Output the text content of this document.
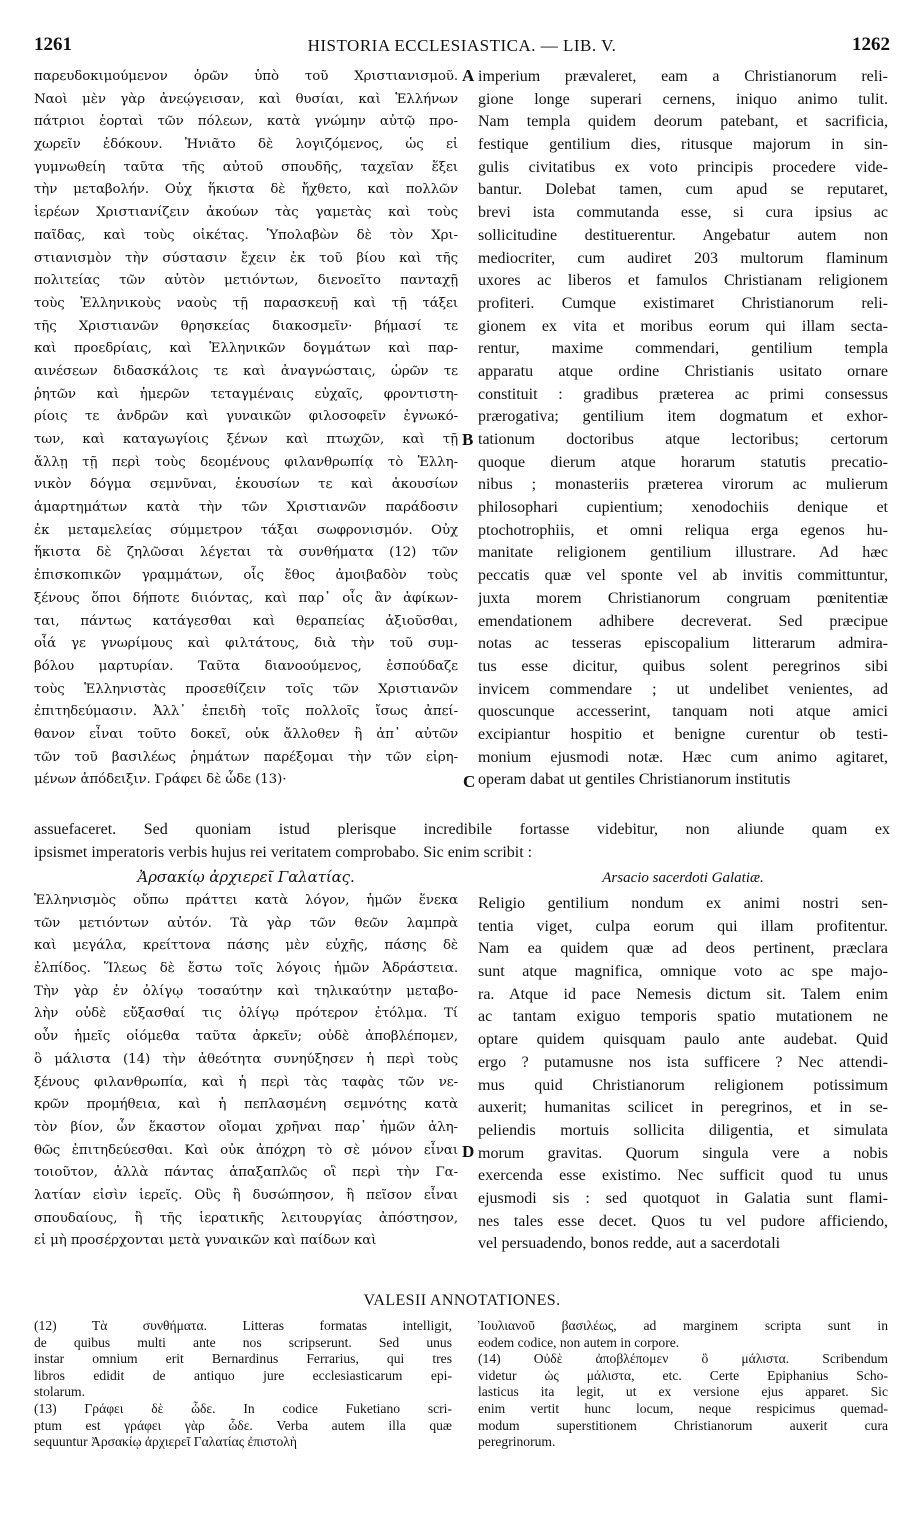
1261	HISTORIA ECCLESIASTICA. — LIB. V.	1262
παρευδοκιμούμενον ὁρῶν ὑπὸ τοῦ Χριστιανισμοῦ.
Ναοὶ μὲν γὰρ ἀνεῴγεισαν, καὶ θυσίαι, καὶ Ἑλλήνων
πάτριοι ἑορταὶ τῶν πόλεων, κατὰ γνώμην αὐτῷ προ-
χωρεῖν ἐδόκουν. Ἠνιᾶτο δὲ λογιζόμενος, ὡς εἰ
γυμνωθείη ταῦτα τῆς αὐτοῦ σπουδῆς, ταχεῖαν ἕξει
τὴν μεταβολήν. Οὐχ ἥκιστα δὲ ἤχθετο, καὶ πολλῶν
ἱερέων Χριστιανίζειν ἀκούων τὰς γαμετὰς καὶ τοὺς
παῖδας, καὶ τοὺς οἰκέτας. Ὑπολαβὼν δὲ τὸν Χρι-
στιανισμὸν τὴν σύστασιν ἔχειν ἐκ τοῦ βίου καὶ τῆς
πολιτείας τῶν αὐτὸν μετιόντων, διενοεῖτο πανταχῇ
τοὺς Ἑλληνικοὺς ναοὺς τῇ παρασκευῇ καὶ τῇ τάξει
τῆς Χριστιανῶν θρησκείας διακοσμεῖν· βήμασί τε
καὶ προεδρίαις, καὶ Ἑλληνικῶν δογμάτων καὶ παρ-
αινέσεων διδασκάλοις τε καὶ ἀναγνώσταις, ὡρῶν τε
ῥητῶν καὶ ἡμερῶν τεταγμέναις εὐχαῖς, φροντιστη-
ρίοις τε ἀνδρῶν καὶ γυναικῶν φιλοσοφεῖν ἐγνωκό-
των, καὶ καταγωγίοις ξένων καὶ πτωχῶν, καὶ τῇ
ἄλλῃ τῇ περὶ τοὺς δεομένους φιλανθρωπίᾳ τὸ Ἑλλη-
νικὸν δόγμα σεμνῦναι, ἑκουσίων τε καὶ ἀκουσίων
ἁμαρτημάτων κατὰ τὴν τῶν Χριστιανῶν παράδοσιν
ἐκ μεταμελείας σύμμετρον τάξαι σωφρονισμόν. Οὐχ
ἥκιστα δὲ ζηλῶσαι λέγεται τὰ συνθήματα (12) τῶν
ἐπισκοπικῶν γραμμάτων, οἷς ἔθος ἀμοιβαδὸν τοὺς
ξένους ὅποι δήποτε διιόντας, καὶ παρ᾽ οἷς ἂν ἀφίκων-
ται, πάντως κατάγεσθαι καὶ θεραπείας ἀξιοῦσθαι,
οἷά γε γνωρίμους καὶ φιλτάτους, διὰ τὴν τοῦ συμ-
βόλου μαρτυρίαν. Ταῦτα διανοούμενος, ἐσπούδαζε
τοὺς Ἑλληνιστὰς προσεθίζειν τοῖς τῶν Χριστιανῶν
ἐπιτηδεύμασιν. Ἀλλ᾽ ἐπειδὴ τοῖς πολλοῖς ἴσως ἀπεί-
θανον εἶναι τοῦτο δοκεῖ, οὐκ ἄλλοθεν ἢ ἀπ᾽ αὐτῶν
τῶν τοῦ βασιλέως ῥημάτων παρέξομαι τὴν τῶν εἰρη-
μένων ἀπόδειξιν. Γράφει δὲ ὧδε (13)·
imperium prævaleret, eam a Christianorum reli-
gione longe superari cernens, iniquo animo tulit.
Nam templa quidem deorum patebant, et sacrificia,
festique gentilium dies, ritusque majorum in sin-
gulis civitatibus ex voto principis procedere vide-
bantur. Dolebat tamen, cum apud se reputaret,
brevi ista commutanda esse, si cura ipsius ac
sollicitudine destituerentur. Angebatur autem non
mediocriter, cum audiret 203 multorum flaminum
uxores ac liberos et famulos Christianam religionem
profiteri. Cumque existimaret Christianorum reli-
gionem ex vita et moribus eorum qui illam secta-
rentur, maxime commendari, gentilium templa
apparatu atque ordine Christianis usitato ornare
constituit : gradibus præterea ac primi consessus
prærogativa; gentilium item dogmatum et exhor-
tationum doctoribus atque lectoribus; certorum
quoque dierum atque horarum statutis precatio-
nibus ; monasteriis præterea virorum ac mulierum
philosophari cupientium; xenodochiis denique et
ptochotrophiis, et omni reliqua erga egenos hu-
manitate religionem gentilium illustrare. Ad hæc
peccatis quæ vel sponte vel ab invitis committuntur,
juxta morem Christianorum congruam pœnitentiæ
emendationem adhibere decreverat. Sed præcipue
notas ac tesseras episcopalium litterarum admira-
tus esse dicitur, quibus solent peregrinos sibi
invicem commendare ; ut undelibet venientes, ad
quoscunque accesserint, tanquam noti atque amici
excipiantur hospitio et benigne curentur ob testi-
monium ejusmodi notæ. Hæc cum animo agitaret,
operam dabat ut gentiles Christianorum institutis
A
B
C
D
assuefaceret. Sed quoniam istud plerisque incredibile fortasse videbitur, non aliunde quam ex
ipsismet imperatoris verbis hujus rei veritatem comprobabo. Sic enim scribit :
Ἀρσακίῳ ἀρχιερεῖ Γαλατίας.	Arsacio sacerdoti Galatiæ.
Ἑλληνισμὸς οὔπω πράττει κατὰ λόγον, ἡμῶν ἕνεκα
τῶν μετιόντων αὐτόν. Τὰ γὰρ τῶν θεῶν λαμπρὰ
καὶ μεγάλα, κρείττονα πάσης μὲν εὐχῆς, πάσης δὲ
ἐλπίδος. Ἵλεως δὲ ἔστω τοῖς λόγοις ἡμῶν Ἀδράστεια.
Τὴν γὰρ ἐν ὀλίγῳ τοσαύτην καὶ τηλικαύτην μεταβο-
λὴν οὐδὲ εὔξασθαί τις ὀλίγῳ πρότερον ἐτόλμα. Τί
οὖν ἡμεῖς οἰόμεθα ταῦτα ἀρκεῖν; οὐδὲ ἀποβλέπομεν,
ὃ μάλιστα (14) τὴν ἀθεότητα συνηύξησεν ἡ περὶ τοὺς
ξένους φιλανθρωπία, καὶ ἡ περὶ τὰς ταφὰς τῶν νε-
κρῶν προμήθεια, καὶ ἡ πεπλασμένη σεμνότης κατὰ
τὸν βίον, ὧν ἕκαστον οἴομαι χρῆναι παρ᾽ ἡμῶν ἀλη-
θῶς ἐπιτηδεύεσθαι. Καὶ οὐκ ἀπόχρη τὸ σὲ μόνον εἶναι
τοιοῦτον, ἀλλὰ πάντας ἁπαξαπλῶς οἳ περὶ τὴν Γα-
λατίαν εἰσὶν ἱερεῖς. Οὓς ἢ δυσώπησον, ἢ πεῖσον εἶναι
σπουδαίους, ἢ τῆς ἱερατικῆς λειτουργίας ἀπόστησον,
εἰ μὴ προσέρχονται μετὰ γυναικῶν καὶ παίδων καὶ
Religio gentilium nondum ex animi nostri sen-
tentia viget, culpa eorum qui illam profitentur.
Nam ea quidem quæ ad deos pertinent, præclara
sunt atque magnifica, omnique voto ac spe majo-
ra. Atque id pace Nemesis dictum sit. Talem enim
ac tantam exiguo temporis spatio mutationem ne
optare quidem quisquam paulo ante audebat. Quid
ergo ? putamusne nos ista sufficere ? Nec attendi-
mus quid Christianorum religionem potissimum
auxerit; humanitas scilicet in peregrinos, et in se-
peliendis mortuis sollicita diligentia, et simulata
morum gravitas. Quorum singula vere a nobis
exercenda esse existimo. Nec sufficit quod tu unus
ejusmodi sis : sed quotquot in Galatia sunt flami-
nes tales esse decet. Quos tu vel pudore afficiendo,
vel persuadendo, bonos redde, aut a sacerdotali
VALESII ANNOTATIONES.
(12) Τὰ συνθήματα. Litteras formatas intelligit,
de quibus multi ante nos scripserunt. Sed unus
instar omnium erit Bernardinus Ferrarius, qui tres
libros edidit de antiquo jure ecclesiasticarum epi-
stolarum.
(13) Γράφει δὲ ὧδε. In codice Fuketiano scri-
ptum est γράφει γὰρ ὧδε. Verba autem illa quæ
sequuntur Ἀρσακίῳ ἀρχιερεῖ Γαλατίας ἐπιστολὴ
Ἰουλιανοῦ βασιλέως, ad marginem scripta sunt in
eodem codice, non autem in corpore.
(14) Οὐδὲ ἀποβλέπομεν ὃ μάλιστα. Scribendum
videtur ὡς μάλιστα, etc. Certe Epiphanius Scho-
lasticus ita legit, ut ex versione ejus apparet. Sic
enim vertit hunc locum, neque respicimus quemad-
modum superstitionem Christianorum auxerit cura
peregrinorum.
